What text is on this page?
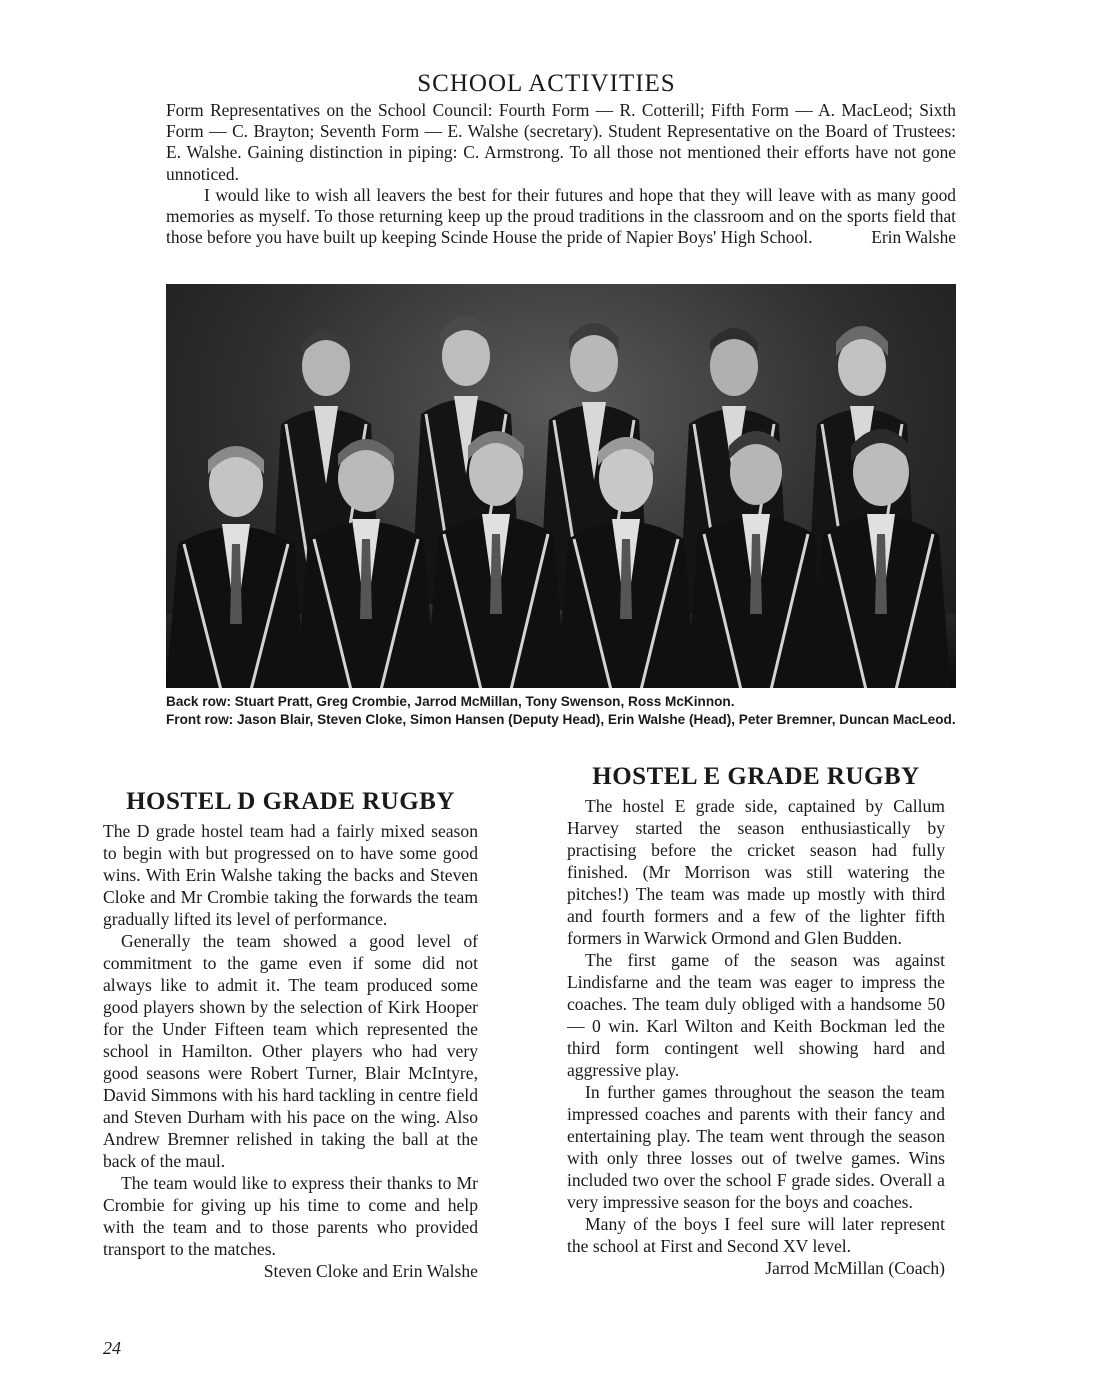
SCHOOL ACTIVITIES

Form Representatives on the School Council: Fourth Form — R. Cotterill; Fifth Form — A. MacLeod; Sixth Form — C. Brayton; Seventh Form — E. Walshe (secretary). Student Representative on the Board of Trustees: E. Walshe. Gaining distinction in piping: C. Armstrong. To all those not mentioned their efforts have not gone unnoticed.

I would like to wish all leavers the best for their futures and hope that they will leave with as many good memories as myself. To those returning keep up the proud traditions in the classroom and on the sports field that those before you have built up keeping Scinde House the pride of Napier Boys' High School.	Erin Walshe

Back row: Stuart Pratt, Greg Crombie, Jarrod McMillan, Tony Swenson, Ross McKinnon.

Front row: Jason Blair, Steven Cloke, Simon Hansen (Deputy Head), Erin Walshe (Head), Peter Bremner, Duncan MacLeod.

HOSTEL D GRADE RUGBY

The D grade hostel team had a fairly mixed season to begin with but progressed on to have some good wins. With Erin Walshe taking the backs and Steven Cloke and Mr Crombie taking the forwards the team gradually lifted its level of performance.

Generally the team showed a good level of commitment to the game even if some did not always like to admit it. The team produced some good players shown by the selection of Kirk Hooper for the Under Fifteen team which represented the school in Hamilton. Other players who had very good seasons were Robert Turner, Blair McIntyre, David Simmons with his hard tackling in centre field and Steven Durham with his pace on the wing. Also Andrew Bremner relished in taking the ball at the back of the maul.

The team would like to express their thanks to Mr Crombie for giving up his time to come and help with the team and to those parents who provided transport to the matches.

Steven Cloke and Erin Walshe

HOSTEL E GRADE RUGBY

The hostel E grade side, captained by Callum Harvey started the season enthusiastically by practising before the cricket season had fully finished. (Mr Morrison was still watering the pitches!) The team was made up mostly with third and fourth formers and a few of the lighter fifth formers in Warwick Ormond and Glen Budden.

The first game of the season was against Lindisfarne and the team was eager to impress the coaches. The team duly obliged with a handsome 50 — 0 win. Karl Wilton and Keith Bockman led the third form contingent well showing hard and aggressive play.

In further games throughout the season the team impressed coaches and parents with their fancy and entertaining play. The team went through the season with only three losses out of twelve games. Wins included two over the school F grade sides. Overall a very impressive season for the boys and coaches.

Many of the boys I feel sure will later represent the school at First and Second XV level.

Jarrod McMillan (Coach)

24
